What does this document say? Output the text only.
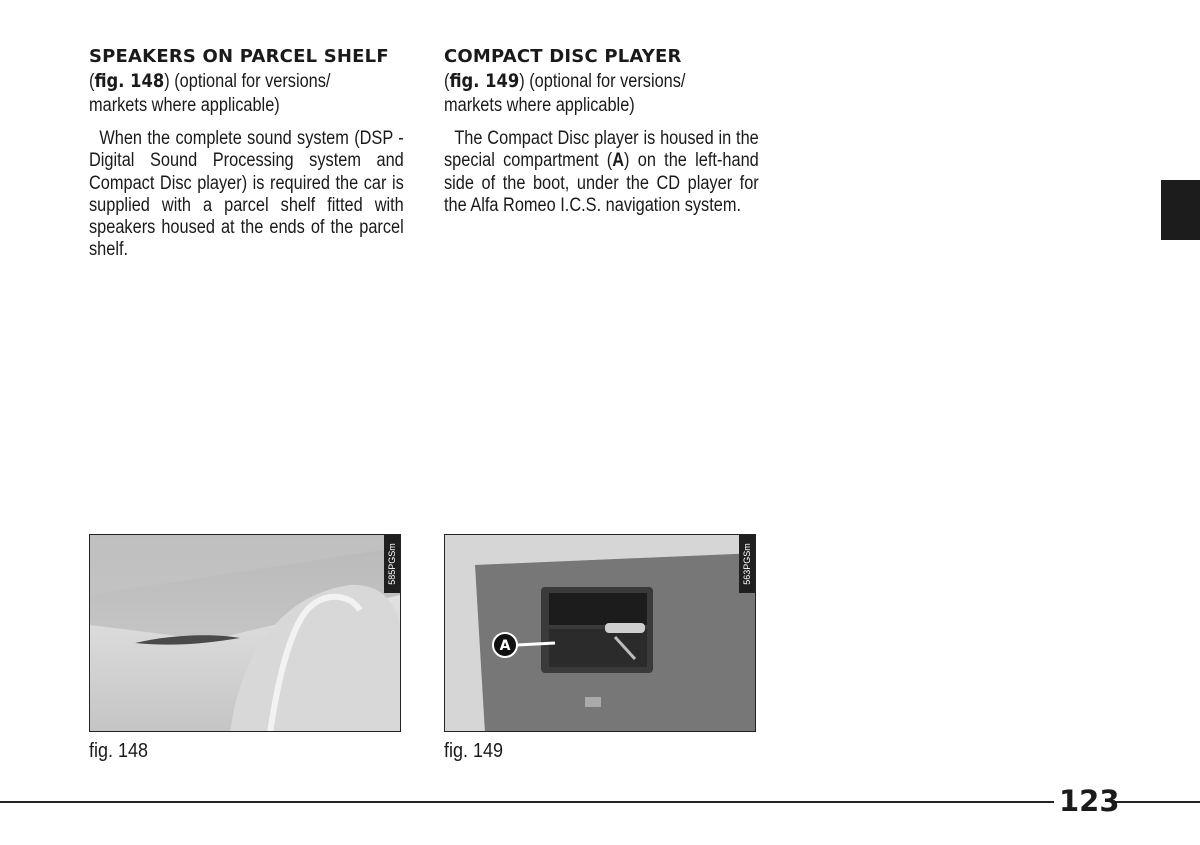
SPEAKERS ON PARCEL SHELF

(fig. 148) (optional for versions/

markets where applicable)

When the complete sound system (DSP - Digital Sound Processing system and Compact Disc player) is required the car is supplied with a parcel shelf fitted with speakers housed at the ends of the parcel shelf.

COMPACT DISC PLAYER

(fig. 149) (optional for versions/

markets where applicable)

The Compact Disc player is housed in the special compartment (A) on the left-hand side of the boot, under the CD player for the Alfa Romeo I.C.S. navigation system.

585PGSm
A
563PGSm
fig. 148	fig. 149
123
